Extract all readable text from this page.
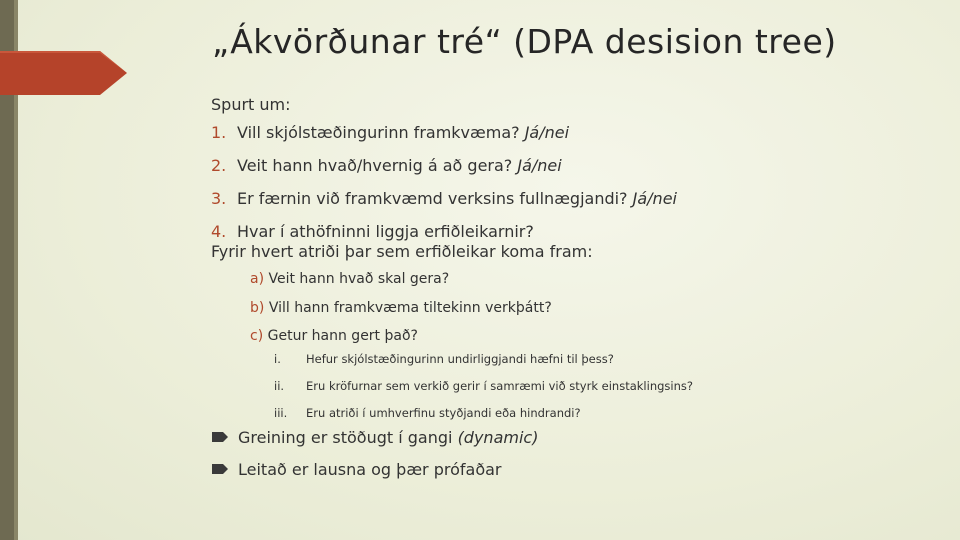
„Ákvörðunar tré“ (DPA desision tree)
Spurt um:
1. Vill skjólstæðingurinn framkvæma? Já/nei
2. Veit hann hvað/hvernig á að gera? Já/nei
3. Er færnin við framkvæmd verksins fullnægjandi? Já/nei
4. Hvar í athöfninni liggja erfiðleikarnir?
Fyrir hvert atriði þar sem erfiðleikar koma fram:
a) Veit hann hvað skal gera?
b) Vill hann framkvæma tiltekinn verkþátt?
c) Getur hann gert það?
i. Hefur skjólstæðingurinn undirliggjandi hæfni til þess?
ii. Eru kröfurnar sem verkið gerir í samræmi við styrk einstaklingsins?
iii. Eru atriði í umhverfinu styðjandi eða hindrandi?
Greining er stöðugt í gangi (dynamic)
Leitað er lausna og þær prófaðar
